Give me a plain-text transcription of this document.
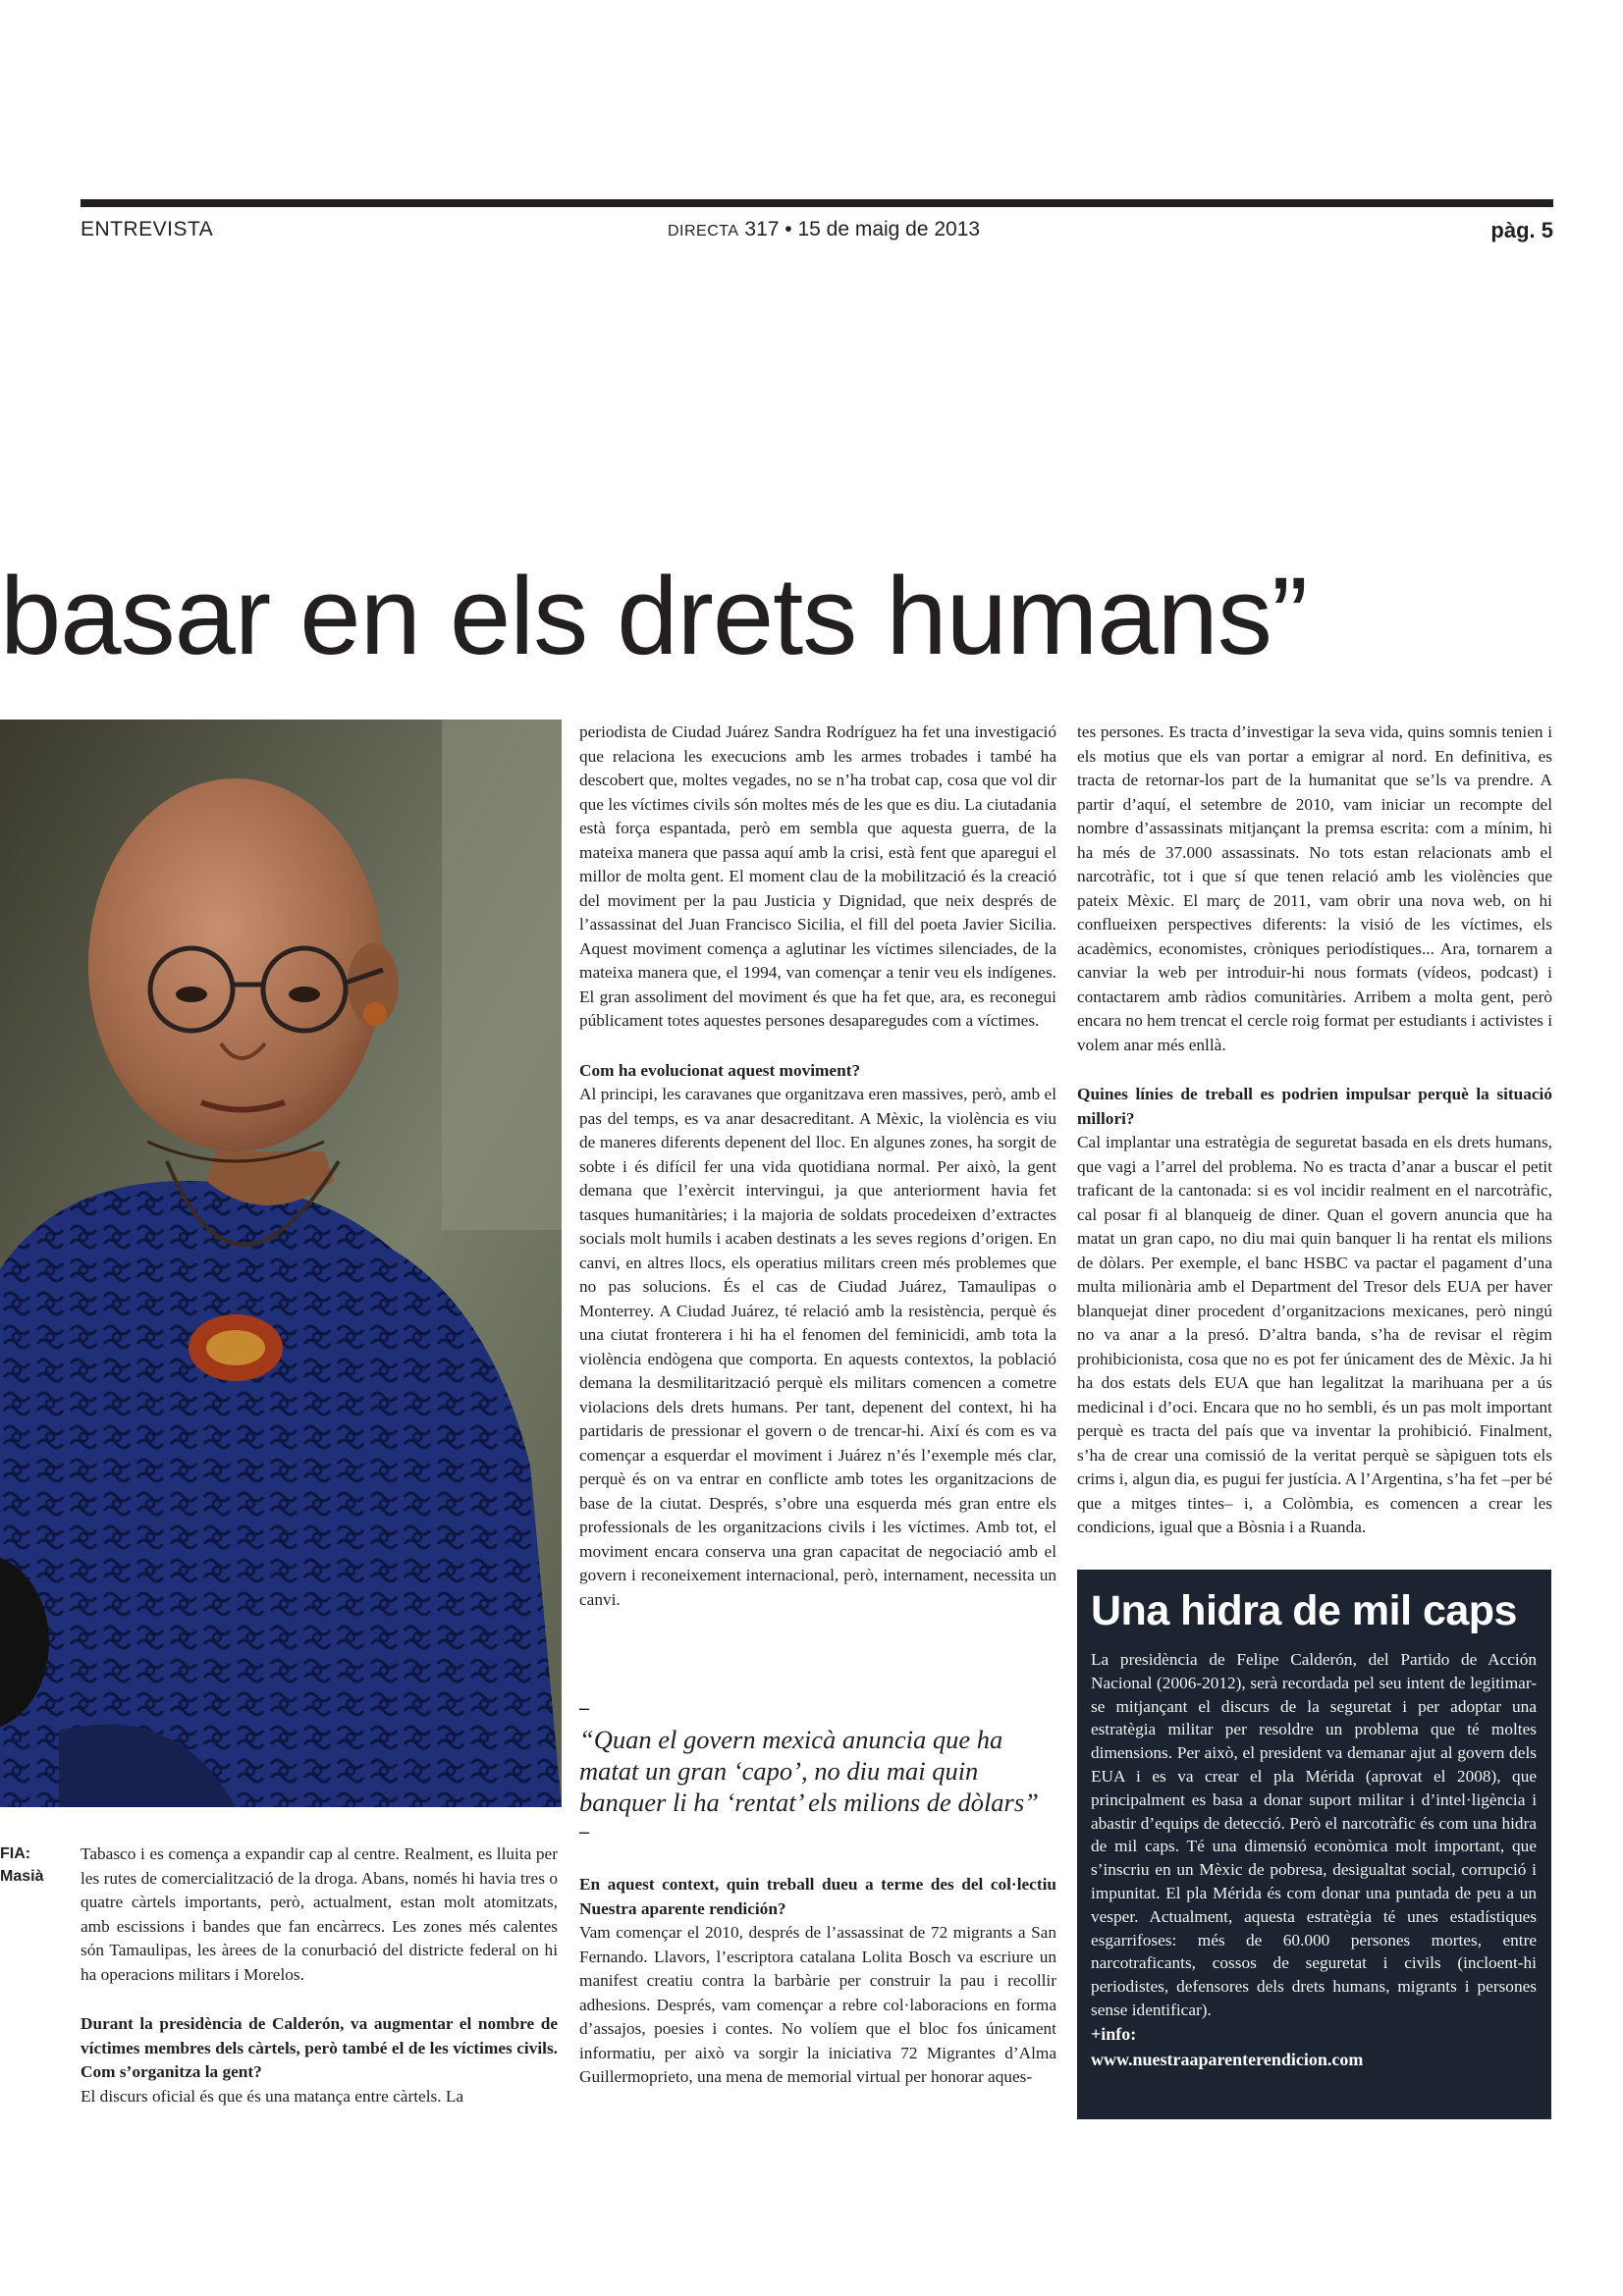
ENTREVISTA	DIRECTA 317 • 15 de maig de 2013	pàg. 5
basar en els drets humans”
FIA:
Masià

Tabasco i es comença a expandir cap al centre. Realment, es lluita per les rutes de comercialització de la droga. Abans, només hi havia tres o quatre càrtels importants, però, actualment, estan molt atomitzats, amb escissions i bandes que fan encàrrecs. Les zones més calentes són Tamaulipas, les àrees de la conurbació del districte federal on hi ha operacions militars i Morelos.

Durant la presidència de Calderón, va augmentar el nombre de víctimes membres dels càrtels, però també el de les víctimes civils. Com s’organitza la gent?

El discurs oficial és que és una matança entre càrtels. La

periodista de Ciudad Juárez Sandra Rodríguez ha fet una investigació que relaciona les execucions amb les armes trobades i també ha descobert que, moltes vegades, no se n’ha trobat cap, cosa que vol dir que les víctimes civils són moltes més de les que es diu. La ciutadania està força espantada, però em sembla que aquesta guerra, de la mateixa manera que passa aquí amb la crisi, està fent que aparegui el millor de molta gent. El moment clau de la mobilització és la creació del moviment per la pau Justicia y Dignidad, que neix després de l’assassinat del Juan Francisco Sicilia, el fill del poeta Javier Sicilia. Aquest moviment comença a aglutinar les víctimes silenciades, de la mateixa manera que, el 1994, van començar a tenir veu els indígenes. El gran assoliment del moviment és que ha fet que, ara, es reconegui públicament totes aquestes persones desaparegudes com a víctimes.

Com ha evolucionat aquest moviment?

Al principi, les caravanes que organitzava eren massives, però, amb el pas del temps, es va anar desacreditant. A Mèxic, la violència es viu de maneres diferents depenent del lloc. En algunes zones, ha sorgit de sobte i és difícil fer una vida quotidiana normal. Per això, la gent demana que l’exèrcit intervingui, ja que anteriorment havia fet tasques humanitàries; i la majoria de soldats procedeixen d’extractes socials molt humils i acaben destinats a les seves regions d’origen. En canvi, en altres llocs, els operatius militars creen més problemes que no pas solucions. És el cas de Ciudad Juárez, Tamaulipas o Monterrey. A Ciudad Juárez, té relació amb la resistència, perquè és una ciutat fronterera i hi ha el fenomen del feminicidi, amb tota la violència endògena que comporta. En aquests contextos, la població demana la desmilitarització perquè els militars comencen a cometre violacions dels drets humans. Per tant, depenent del context, hi ha partidaris de pressionar el govern o de trencar-hi. Així és com es va començar a esquerdar el moviment i Juárez n’és l’exemple més clar, perquè és on va entrar en conflicte amb totes les organitzacions de base de la ciutat. Després, s’obre una esquerda més gran entre els professionals de les organitzacions civils i les víctimes. Amb tot, el moviment encara conserva una gran capacitat de negociació amb el govern i reconeixement internacional, però, internament, necessita un canvi.

En aquest context, quin treball dueu a terme des del col·lectiu Nuestra aparente rendición?

Vam començar el 2010, després de l’assassinat de 72 migrants a San Fernando. Llavors, l’escriptora catalana Lolita Bosch va escriure un manifest creatiu contra la barbàrie per construir la pau i recollir adhesions. Després, vam començar a rebre col·laboracions en forma d’assajos, poesies i contes. No volíem que el bloc fos únicament informatiu, per això va sorgir la iniciativa 72 Migrantes d’Alma Guillermoprieto, una mena de memorial virtual per honorar aques-

–
“Quan el govern mexicà anuncia que ha matat un gran ‘capo’, no diu mai quin banquer li ha ‘rentat’ els milions de dòlars”
–

tes persones. Es tracta d’investigar la seva vida, quins somnis tenien i els motius que els van portar a emigrar al nord. En definitiva, es tracta de retornar-los part de la humanitat que se’ls va prendre. A partir d’aquí, el setembre de 2010, vam iniciar un recompte del nombre d’assassinats mitjançant la premsa escrita: com a mínim, hi ha més de 37.000 assassinats. No tots estan relacionats amb el narcotràfic, tot i que sí que tenen relació amb les violències que pateix Mèxic. El març de 2011, vam obrir una nova web, on hi conflueixen perspectives diferents: la visió de les víctimes, els acadèmics, economistes, cròniques periodístiques... Ara, tornarem a canviar la web per introduir-hi nous formats (vídeos, podcast) i contactarem amb ràdios comunitàries. Arribem a molta gent, però encara no hem trencat el cercle roig format per estudiants i activistes i volem anar més enllà.

Quines línies de treball es podrien impulsar perquè la situació millori?

Cal implantar una estratègia de seguretat basada en els drets humans, que vagi a l’arrel del problema. No es tracta d’anar a buscar el petit traficant de la cantonada: si es vol incidir realment en el narcotràfic, cal posar fi al blanqueig de diner. Quan el govern anuncia que ha matat un gran capo, no diu mai quin banquer li ha rentat els milions de dòlars. Per exemple, el banc HSBC va pactar el pagament d’una multa milionària amb el Department del Tresor dels EUA per haver blanquejat diner procedent d’organitzacions mexicanes, però ningú no va anar a la presó. D’altra banda, s’ha de revisar el règim prohibicionista, cosa que no es pot fer únicament des de Mèxic. Ja hi ha dos estats dels EUA que han legalitzat la marihuana per a ús medicinal i d’oci. Encara que no ho sembli, és un pas molt important perquè es tracta del país que va inventar la prohibició. Finalment, s’ha de crear una comissió de la veritat perquè se sàpiguen tots els crims i, algun dia, es pugui fer justícia. A l’Argentina, s’ha fet –per bé que a mitges tintes– i, a Colòmbia, es comencen a crear les condicions, igual que a Bòsnia i a Ruanda.

Una hidra de mil caps
La presidència de Felipe Calderón, del Partido de Acción Nacional (2006-2012), serà recordada pel seu intent de legitimar-se mitjançant el discurs de la seguretat i per adoptar una estratègia militar per resoldre un problema que té moltes dimensions. Per això, el president va demanar ajut al govern dels EUA i es va crear el pla Mérida (aprovat el 2008), que principalment es basa a donar suport militar i d’intel·ligència i abastir d’equips de detecció. Però el narcotràfic és com una hidra de mil caps. Té una dimensió econòmica molt important, que s’inscriu en un Mèxic de pobresa, desigualtat social, corrupció i impunitat. El pla Mérida és com donar una puntada de peu a un vesper. Actualment, aquesta estratègia té unes estadístiques esgarrifoses: més de 60.000 persones mortes, entre narcotraficants, cossos de seguretat i civils (incloent-hi periodistes, defensores dels drets humans, migrants i persones sense identificar).
+info:
www.nuestraaparenterendicion.com
